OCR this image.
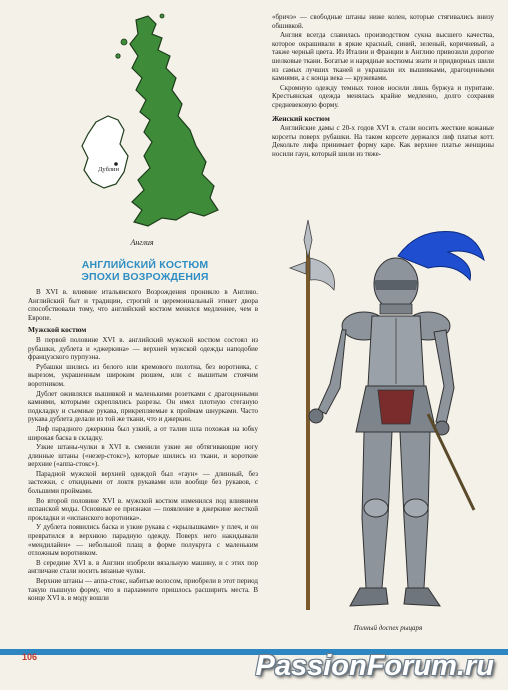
Дублин
Англия
АНГЛИЙСКИЙ КОСТЮМ
ЭПОХИ ВОЗРОЖДЕНИЯ

В XVI в. влияние итальянского Возрождения проникло в Англию. Английский быт и традиции, строгий и церемониальный этикет двора способствовали тому, что английский костюм менялся медленнее, чем в Европе.

Мужской костюм

В первой половине XVI в. английский мужской костюм состоял из рубашки, дублета и «джеркина» — верхней мужской одежды наподобие французского пурпуэна.

Рубашки шились из белого или кремового полотна, без воротника, с вырезом, украшенным широким рюшем, или с вышитым стоячим воротником.

Дублет оживлялся вышивкой и маленькими розетками с драгоценными камнями, которыми скреплялись разрезы. Он имел плотную стеганую подкладку и съемные рукава, прикрепляемые к проймам шнурками. Часто рукава дублета делали из той же ткани, что и джеркин.

Лиф парадного джеркина был узкий, а от талии шла похожая на юбку широкая баска в складку.

Узкие штаны-чулки в XVI в. сменили узкие же обтягивающие ногу длинные штаны («незер-стокс»), которые шились из ткани, и короткие верхние («аппа-стокс»).

Парадной мужской верхней одеждой был «гаун» — длинный, без застежки, с откидными от локтя рукавами или вообще без рукавов, с большими проймами.

Во второй половине XVI в. мужской костюм изменился под влиянием испанской моды. Основные ее признаки — появление в джеркине жесткой прокладки и «испанского воротника».

У дублета появились баска и узкие рукава с «крылышками» у плеч, и он превратился в верхнюю парадную одежду. Поверх него накидывали «мендилайен» — небольшой плащ в форме полукруга с маленьким отложным воротником.

В середине XVI в. в Англии изобрели вязальную машину, и с этих пор англичане стали носить вязаные чулки.

Верхние штаны — аппа-стокс, набитые волосом, приобрели в этот период такую пышную форму, что в парламенте пришлось расширить места. В конце XVI в. в моду вошли

«бричэ» — свободные штаны ниже колен, которые стягивались внизу обшивкой.

Англия всегда славилась производством сукна высшего качества, которое окрашивали в яркие красный, синий, зеленый, коричневый, а также черный цвета. Из Италии и Франции в Англию привозили дорогие шелковые ткани. Богатые и нарядные костюмы знати и придворных шили из самых лучших тканей и украшали их вышивками, драгоценными камнями, а с конца века — кружевами.

Скромную одежду темных тонов носили лишь буржуа и пуритане. Крестьянская одежда менялась крайне медленно, долго сохраняя средневековую форму.

Женский костюм

Английские дамы с 20-х годов XVI в. стали носить жесткие кожаные корсеты поверх рубашки. На таком корсете держался лиф платья котт. Декольте лифа принимает форму каре. Как верхнее платье женщины носили гаун, который шили из тяже-

Полный доспех рыцаря
106	PassionForum.ru
